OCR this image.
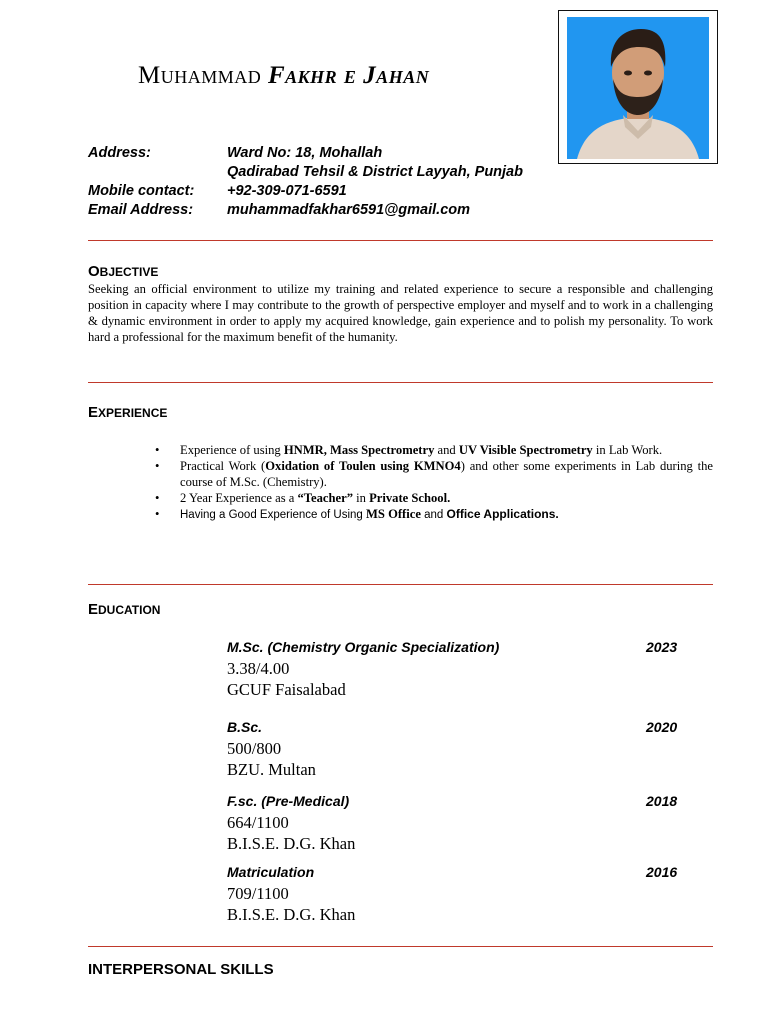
Muhammad Fakhr e Jahan
Address:	Ward No: 18, Mohallah
Qadirabad Tehsil & District Layyah, Punjab
Mobile contact: +92-309-071-6591
Email Address: muhammadfakhar6591@gmail.com
OBJECTIVE
Seeking an official environment to utilize my training and related experience to secure a responsible and challenging position in capacity where I may contribute to the growth of perspective employer and myself and to work in a challenging & dynamic environment in order to apply my acquired knowledge, gain experience and to polish my personality. To work hard a professional for the maximum benefit of the humanity.
EXPERIENCE
• Experience of using HNMR, Mass Spectrometry and UV Visible Spectrometry in Lab Work.
• Practical Work (Oxidation of Toulen using KMNO4) and other some experiments in Lab during the course of M.Sc. (Chemistry).
• 2 Year Experience as a “Teacher” in Private School.
• Having a Good Experience of Using MS Office and Office Applications.
EDUCATION
M.Sc. (Chemistry Organic Specialization)	2023
3.38/4.00
GCUF Faisalabad
B.Sc.	2020
500/800
BZU. Multan
F.sc. (Pre-Medical)	2018
664/1100
B.I.S.E. D.G. Khan
Matriculation	2016
709/1100
B.I.S.E. D.G. Khan
INTERPERSONAL SKILLS
